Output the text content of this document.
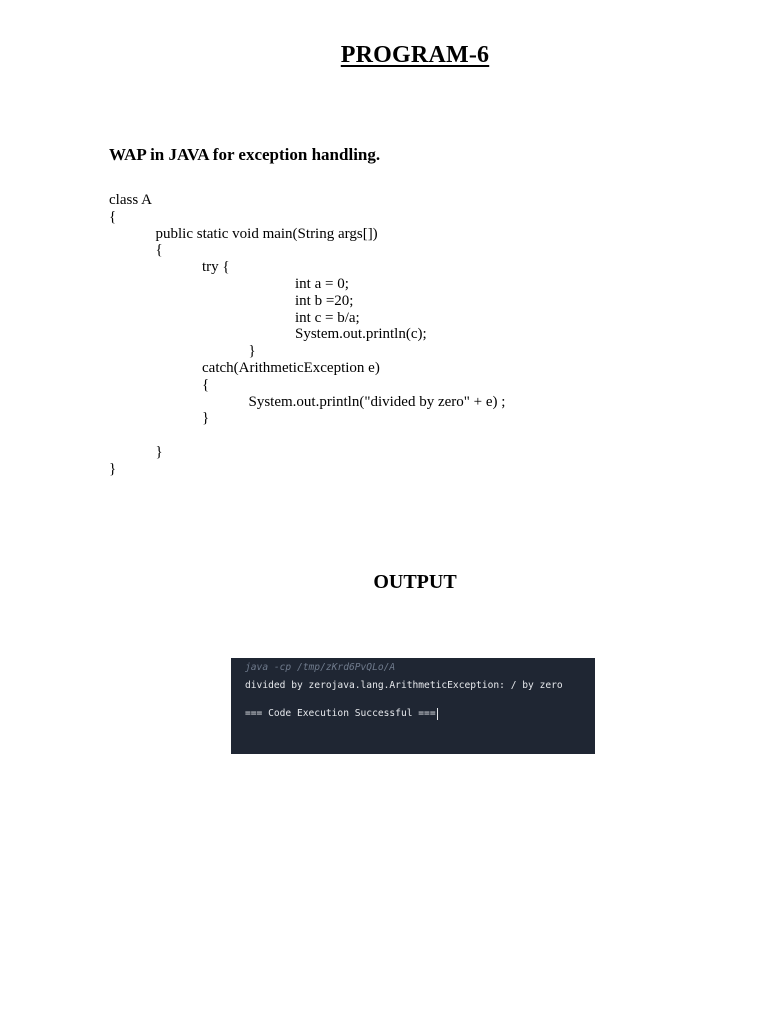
PROGRAM-6

WAP in JAVA for exception handling.

class A
{
public static void main(String args[])
{
try {
int a = 0;
int b =20;
int c = b/a;
System.out.println(c);
}
catch(ArithmeticException e)
{
System.out.println("divided by zero" + e) ;
}
}
}
OUTPUT
java -cp /tmp/zKrd6PvQLo/A
divided by zerojava.lang.ArithmeticException: / by zero
=== Code Execution Successful ===
